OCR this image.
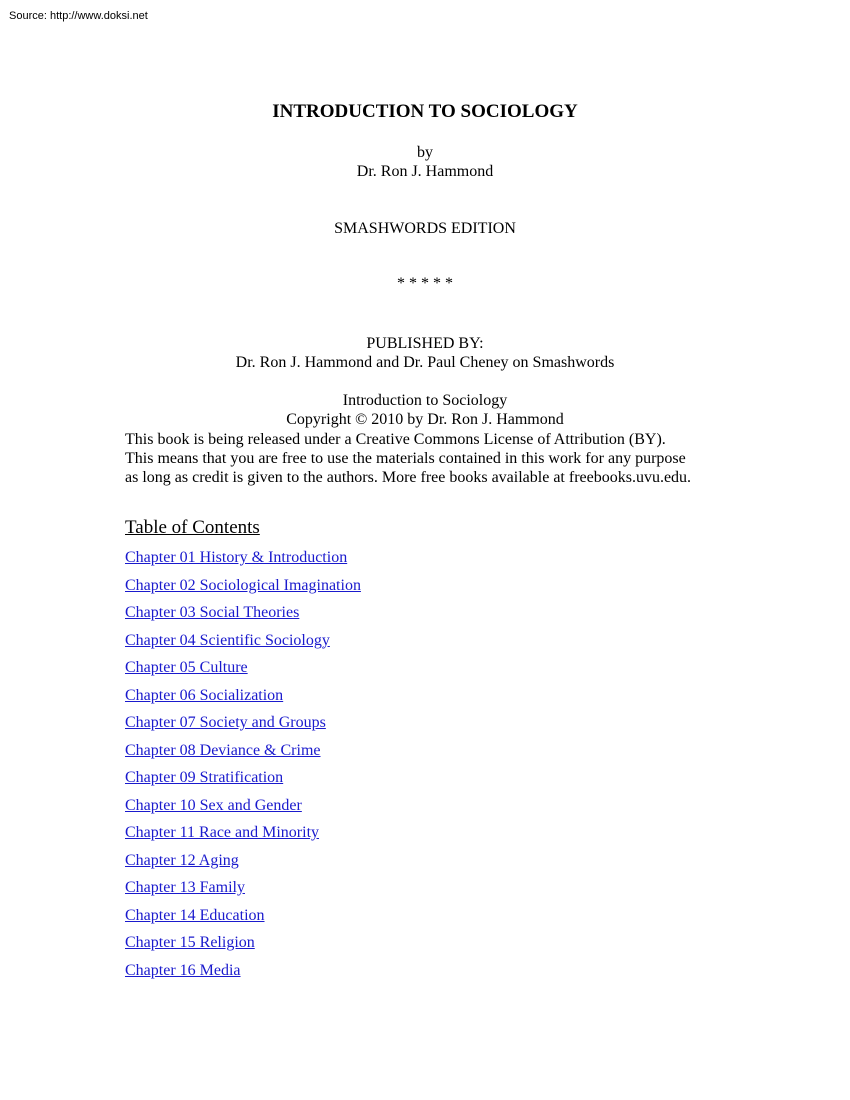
Source: http://www.doksi.net
INTRODUCTION TO SOCIOLOGY
by
Dr. Ron J. Hammond
SMASHWORDS EDITION
* * * * *
PUBLISHED BY:
Dr. Ron J. Hammond and Dr. Paul Cheney on Smashwords
Introduction to Sociology
Copyright © 2010 by Dr. Ron J. Hammond
This book is being released under a Creative Commons License of Attribution (BY).
This means that you are free to use the materials contained in this work for any purpose
as long as credit is given to the authors. More free books available at freebooks.uvu.edu.
Table of Contents
Chapter 01 History & Introduction
Chapter 02 Sociological Imagination
Chapter 03 Social Theories
Chapter 04 Scientific Sociology
Chapter 05 Culture
Chapter 06 Socialization
Chapter 07 Society and Groups
Chapter 08 Deviance & Crime
Chapter 09 Stratification
Chapter 10 Sex and Gender
Chapter 11 Race and Minority
Chapter 12 Aging
Chapter 13 Family
Chapter 14 Education
Chapter 15 Religion
Chapter 16 Media
